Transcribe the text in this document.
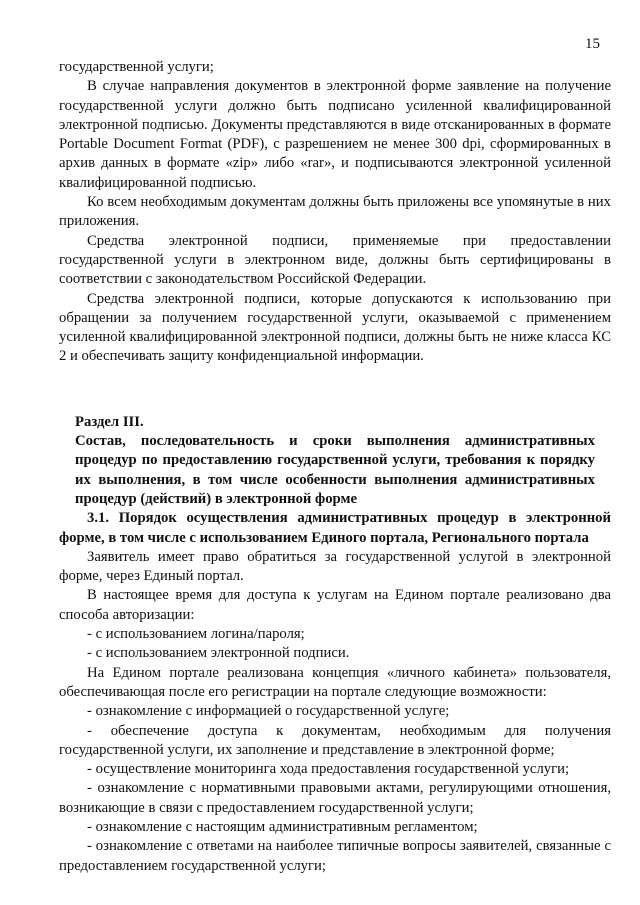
15

государственной услуги;

В случае направления документов в электронной форме заявление на получение государственной услуги должно быть подписано усиленной квалифицированной электронной подписью. Документы представляются в виде отсканированных в формате Portable Document Format (PDF), с разрешением не менее 300 dpi, сформированных в архив данных в формате «zip» либо «rar», и подписываются электронной усиленной квалифицированной подписью.

Ко всем необходимым документам должны быть приложены все упомянутые в них приложения.

Средства электронной подписи, применяемые при предоставлении государственной услуги в электронном виде, должны быть сертифицированы в соответствии с законодательством Российской Федерации.

Средства электронной подписи, которые допускаются к использованию при обращении за получением государственной услуги, оказываемой с применением усиленной квалифицированной электронной подписи, должны быть не ниже класса КС 2 и обеспечивать защиту конфиденциальной информации.

Раздел III.

Состав, последовательность и сроки выполнения административных процедур по предоставлению государственной услуги, требования к порядку их выполнения, в том числе особенности выполнения административных процедур (действий) в электронной форме

3.1. Порядок осуществления административных процедур в электронной форме, в том числе с использованием Единого портала, Регионального портала

Заявитель имеет право обратиться за государственной услугой в электронной форме, через Единый портал.

В настоящее время для доступа к услугам на Едином портале реализовано два способа авторизации:

- с использованием логина/пароля;

- с использованием электронной подписи.

На Едином портале реализована концепция «личного кабинета» пользователя, обеспечивающая после его регистрации на портале следующие возможности:

- ознакомление с информацией о государственной услуге;

- обеспечение доступа к документам, необходимым для получения государственной услуги, их заполнение и представление в электронной форме;

- осуществление мониторинга хода предоставления государственной услуги;

- ознакомление с нормативными правовыми актами, регулирующими отношения, возникающие в связи с предоставлением государственной услуги;

- ознакомление с настоящим административным регламентом;

- ознакомление с ответами на наиболее типичные вопросы заявителей, связанные с предоставлением государственной услуги;
